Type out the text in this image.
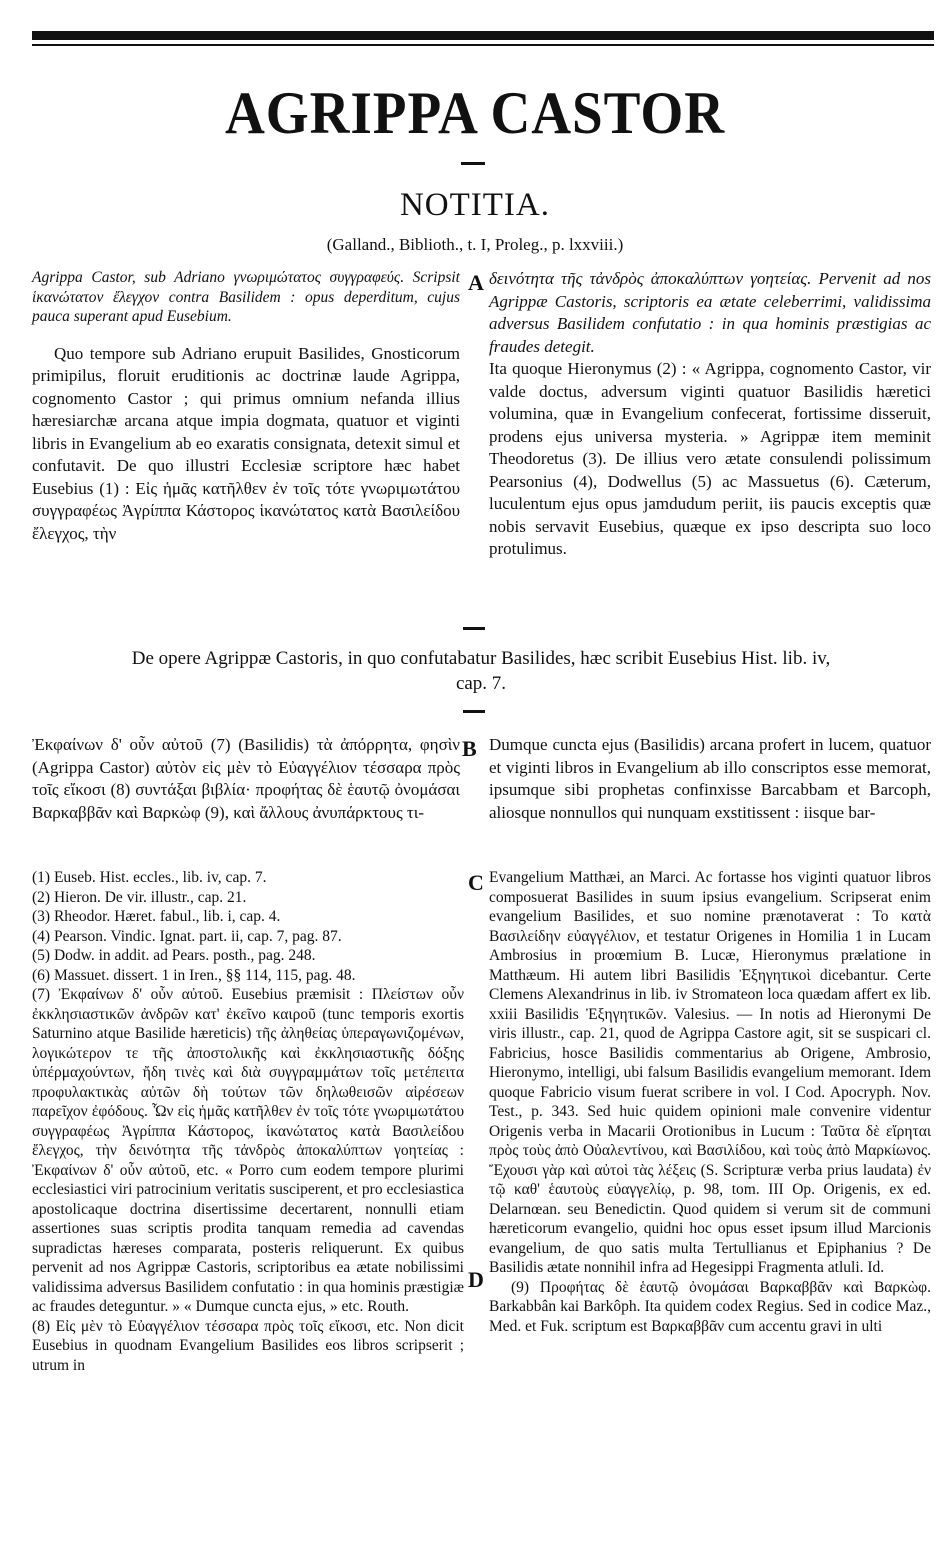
AGRIPPA CASTOR
NOTITIA.
(Galland., Biblioth., t. I, Proleg., p. lxxviii.)

Agrippa Castor, sub Adriano γνωριμώτατος συγγραφεύς. Scripsit ἱκανώτατον ἔλεγχον contra Basilidem : opus deperditum, cujus pauca superant apud Eusebium.

Quo tempore sub Adriano erupuit Basilides, Gnosticorum primipilus, floruit eruditionis ac doctrinæ laude Agrippa, cognomento Castor ; qui primus omnium nefanda illius hæresiarchæ arcana atque impia dogmata, quatuor et viginti libris in Evangelium ab eo exaratis consignata, detexit simul et confutavit. De quo illustri Ecclesiæ scriptore hæc habet Eusebius (1) : Εἰς ἡμᾶς κατῆλθεν ἐν τοῖς τότε γνωριμωτάτου συγγραφέως Ἀγρίππα Κάστορος ἱκανώτατος κατὰ Βασιλείδου ἔλεγχος, τὴν

A δεινότητα τῆς τἀνδρὸς ἀποκαλύπτων γοητείας. Pervenit ad nos Agrippæ Castoris, scriptoris ea ætate celeberrimi, validissima adversus Basilidem confutatio : in qua hominis præstigias ac fraudes detegit.

Ita quoque Hieronymus (2) : « Agrippa, cognomento Castor, vir valde doctus, adversum viginti quatuor Basilidis hæretici volumina, quæ in Evangelium confecerat, fortissime disseruit, prodens ejus universa mysteria. » Agrippæ item meminit Theodoretus (3). De illius vero ætate consulendi polissimum Pearsonius (4), Dodwellus (5) ac Massuetus (6). Cæterum, luculentum ejus opus jamdudum periit, iis paucis exceptis quæ nobis servavit Eusebius, quæque ex ipso descripta suo loco protulimus.

De opere Agrippæ Castoris, in quo confutabatur Basilides, hæc scribit Eusebius Hist. lib. iv,
cap. 7.
Ἐκφαίνων δ' οὖν αὐτοῦ (7) (Basilidis) τὰ ἀπόρρητα, φησὶν (Agrippa Castor) αὐτὸν εἰς μὲν τὸ Εὐαγγέλιον τέσσαρα πρὸς τοῖς εἴκοσι (8) συντάξαι βιβλία· προφήτας δὲ ἑαυτῷ ὀνομάσαι Βαρκαββᾶν καὶ Βαρκὼφ (9), καὶ ἄλλους ἀνυπάρκτους τι-
B Dumque cuncta ejus (Basilidis) arcana profert in lucem, quatuor et viginti libros in Evangelium ab illo conscriptos esse memorat, ipsumque sibi prophetas confinxisse Barcabbam et Barcoph, aliosque nonnullos qui nunquam exstitissent : iisque bar-

(1) Euseb. Hist. eccles., lib. iv, cap. 7.

(2) Hieron. De vir. illustr., cap. 21.

(3) Rheodor. Hæret. fabul., lib. i, cap. 4.

(4) Pearson. Vindic. Ignat. part. ii, cap. 7, pag. 87.

(5) Dodw. in addit. ad Pears. posth., pag. 248.

(6) Massuet. dissert. 1 in Iren., §§ 114, 115, pag. 48.

(7) Ἐκφαίνων δ' οὖν αὐτοῦ. Eusebius præmisit : Πλείστων οὖν ἐκκλησιαστικῶν ἀνδρῶν κατ' ἐκεῖνο καιροῦ (tunc temporis exortis Saturnino atque Basilide hæreticis) τῆς ἀληθείας ὑπεραγωνιζομένων, λογικώτερον τε τῆς ἀποστολικῆς καὶ ἐκκλησιαστικῆς δόξης ὑπέρμαχούντων, ἤδη τινὲς καὶ διὰ συγγραμμάτων τοῖς μετέπειτα προφυλακτικὰς αὐτῶν δὴ τούτων τῶν δηλωθεισῶν αἱρέσεων παρεῖχον ἐφόδους. Ὧν εἰς ἡμᾶς κατῆλθεν ἐν τοῖς τότε γνωριμωτάτου συγγραφέως Ἀγρίππα Κάστορος, ἱκανώτατος κατὰ Βασιλείδου ἔλεγχος, τὴν δεινότητα τῆς τἀνδρὸς ἀποκαλύπτων γοητείας : Ἐκφαίνων δ' οὖν αὐτοῦ, etc. « Porro cum eodem tempore plurimi ecclesiastici viri patrocinium veritatis susciperent, et pro ecclesiastica apostolicaque doctrina disertissime decertarent, nonnulli etiam assertiones suas scriptis prodita tanquam remedia ad cavendas supradictas hæreses comparata, posteris reliquerunt. Ex quibus pervenit ad nos Agrippæ Castoris, scriptoribus ea ætate nobilissimi validissima adversus Basilidem confutatio : in qua hominis præstigiæ ac fraudes deteguntur. » « Dumque cuncta ejus, » etc. Routh.

(8) Εἰς μὲν τὸ Εὐαγγέλιον τέσσαρα πρὸς τοῖς εἴκοσι, etc. Non dicit Eusebius in quodnam Evangelium Basilides eos libros scripserit ; utrum in

C
D

Evangelium Matthæi, an Marci. Ac fortasse hos viginti quatuor libros composuerat Basilides in suum ipsius evangelium. Scripserat enim evangelium Basilides, et suo nomine prænotaverat : To κατὰ Βασιλείδην εὐαγγέλιον, et testatur Origenes in Homilia 1 in Lucam Ambrosius in proœmium B. Lucæ, Hieronymus prælatione in Matthæum. Hi autem libri Basilidis Ἐξηγητικοὶ dicebantur. Certe Clemens Alexandrinus in lib. iv Stromateon loca quædam affert ex lib. xxiii Basilidis Ἐξηγητικῶν. Valesius. — In notis ad Hieronymi De viris illustr., cap. 21, quod de Agrippa Castore agit, sit se suspicari cl. Fabricius, hosce Basilidis commentarius ab Origene, Ambrosio, Hieronymo, intelligi, ubi falsum Basilidis evangelium memorant. Idem quoque Fabricio visum fuerat scribere in vol. I Cod. Apocryph. Nov. Test., p. 343. Sed huic quidem opinioni male convenire videntur Origenis verba in Macarii Orotionibus in Lucum : Ταῦτα δὲ εἴρηται πρὸς τοὺς ἀπὸ Οὐαλεντίνου, καὶ Βασιλίδου, καὶ τοὺς ἀπὸ Μαρκίωνος. Ἔχουσι γὰρ καὶ αὐτοὶ τὰς λέξεις (S. Scripturæ verba prius laudata) ἐν τῷ καθ' ἑαυτοὺς εὐαγγελίῳ, p. 98, tom. III Op. Origenis, ex ed. Delarnœan. seu Benedictin. Quod quidem si verum sit de communi hæreticorum evangelio, quidni hoc opus esset ipsum illud Marcionis evangelium, de quo satis multa Tertullianus et Epiphanius ? De Basilidis ætate nonnihil infra ad Hegesippi Fragmenta atluli. Id.

(9) Προφήτας δὲ ἑαυτῷ ὀνομάσαι Βαρκαββᾶν καὶ Βαρκὼφ. Barkabbân kai Barkôph. Ita quidem codex Regius. Sed in codice Maz., Med. et Fuk. scriptum est Βαρκαββᾶν cum accentu gravi in ulti
